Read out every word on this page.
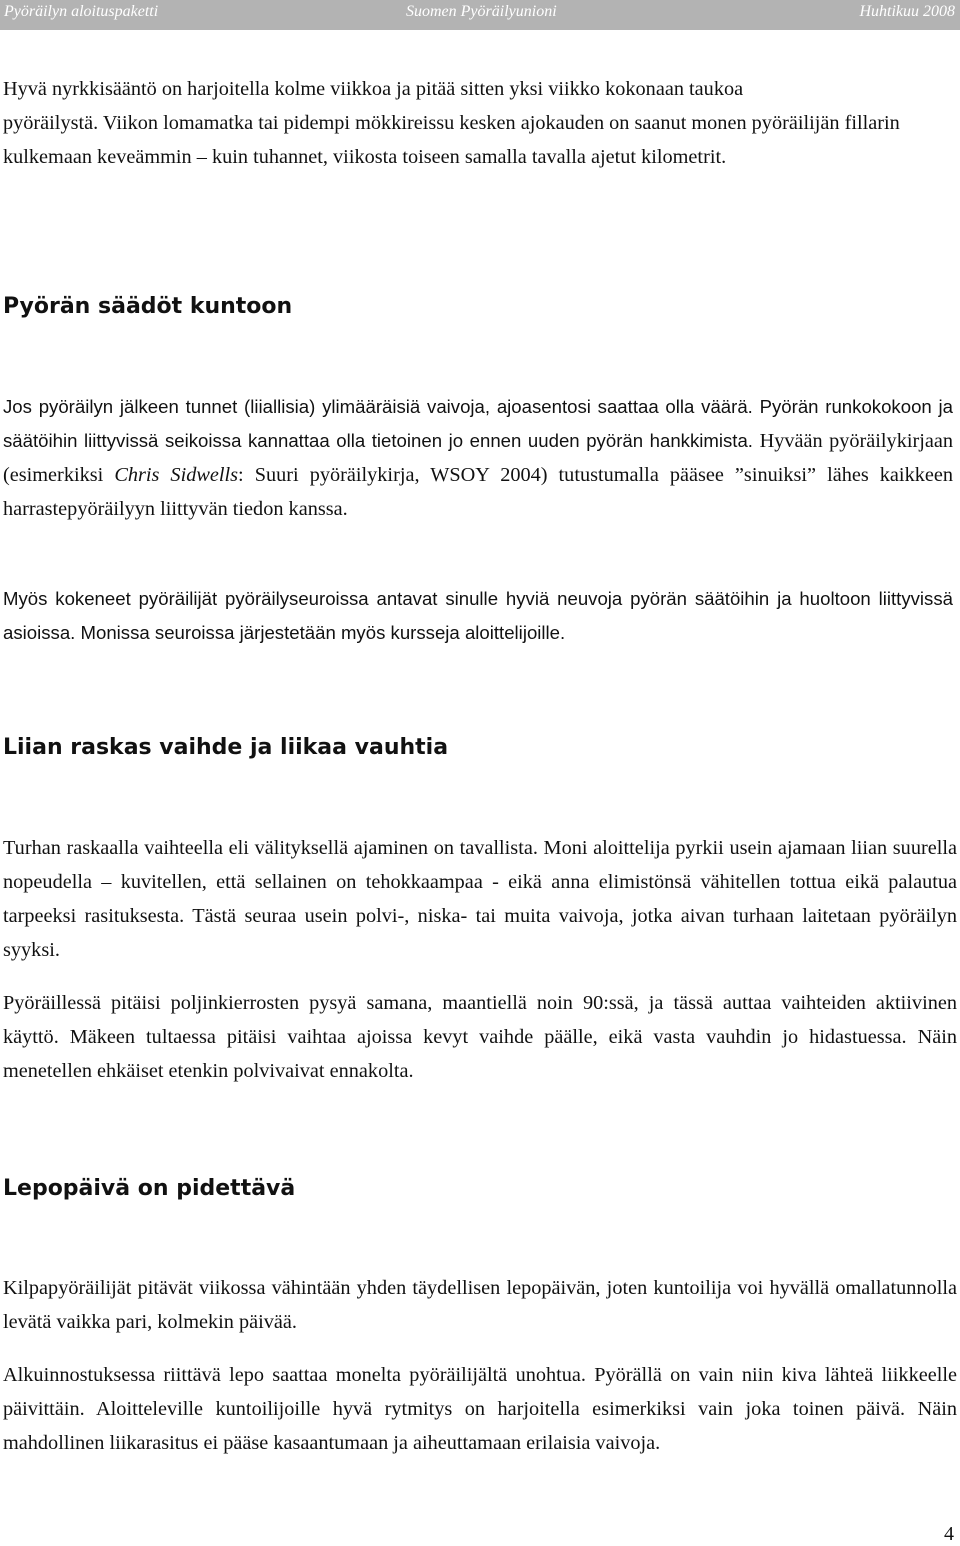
Pyöräilyn aloituspaketti	Suomen Pyöräilyunioni	Huhtikuu 2008

Hyvä nyrkkisääntö on harjoitella kolme viikkoa ja pitää sitten yksi viikko kokonaan taukoa
pyöräilystä. Viikon lomamatka tai pidempi mökkireissu kesken ajokauden on saanut monen pyöräilijän fillarin kulkemaan keveämmin – kuin tuhannet, viikosta toiseen samalla tavalla ajetut kilometrit.

Pyörän säädöt kuntoon

Jos pyöräilyn jälkeen tunnet (liiallisia) ylimääräisiä vaivoja, ajoasentosi saattaa olla väärä. Pyörän runkokokoon ja säätöihin liittyvissä seikoissa kannattaa olla tietoinen jo ennen uuden pyörän hankkimista. Hyvään pyöräilykirjaan (esimerkiksi Chris Sidwells: Suuri pyöräilykirja, WSOY 2004) tutustumalla pääsee ”sinuiksi” lähes kaikkeen harrastepyöräilyyn liittyvän tiedon kanssa.

Myös kokeneet pyöräilijät pyöräilyseuroissa antavat sinulle hyviä neuvoja pyörän säätöihin ja huoltoon liittyvissä asioissa. Monissa seuroissa järjestetään myös kursseja aloittelijoille.

Liian raskas vaihde ja liikaa vauhtia

Turhan raskaalla vaihteella eli välityksellä ajaminen on tavallista. Moni aloittelija pyrkii usein ajamaan liian suurella nopeudella – kuvitellen, että sellainen on tehokkaampaa - eikä anna elimistönsä vähitellen tottua eikä palautua tarpeeksi rasituksesta. Tästä seuraa usein polvi-, niska- tai muita vaivoja, jotka aivan turhaan laitetaan pyöräilyn syyksi.

Pyöräillessä pitäisi poljinkierrosten pysyä samana, maantiellä noin 90:ssä, ja tässä auttaa vaihteiden aktiivinen käyttö. Mäkeen tultaessa pitäisi vaihtaa ajoissa kevyt vaihde päälle, eikä vasta vauhdin jo hidastuessa. Näin menetellen ehkäiset etenkin polvivaivat ennakolta.

Lepopäivä on pidettävä

Kilpapyöräilijät pitävät viikossa vähintään yhden täydellisen lepopäivän, joten kuntoilija voi hyvällä omallatunnolla levätä vaikka pari, kolmekin päivää.

Alkuinnostuksessa riittävä lepo saattaa monelta pyöräilijältä unohtua. Pyörällä on vain niin kiva lähteä liikkeelle päivittäin. Aloitteleville kuntoilijoille hyvä rytmitys on harjoitella esimerkiksi vain joka toinen päivä. Näin mahdollinen liikarasitus ei pääse kasaantumaan ja aiheuttamaan erilaisia vaivoja.

4
